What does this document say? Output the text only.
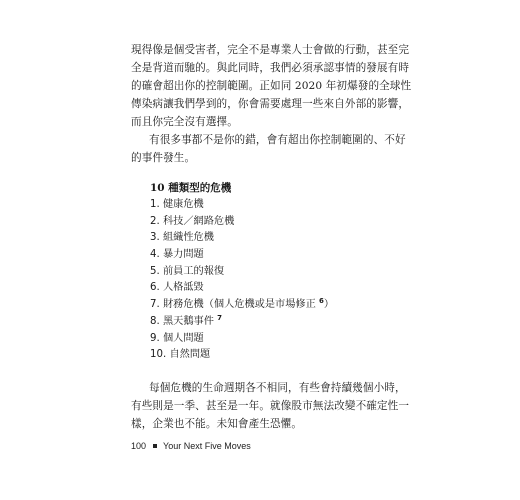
現得像是個受害者，完全不是專業人士會做的行動，甚至完
全是背道而馳的。與此同時，我們必須承認事情的發展有時
的確會超出你的控制範圍。正如同 2020 年初爆發的全球性
傳染病讓我們學到的，你會需要處理一些來自外部的影響，
而且你完全沒有選擇。

有很多事都不是你的錯，會有超出你控制範圍的、不好
的事件發生。

10 種類型的危機
1. 健康危機
2. 科技／網路危機
3. 組織性危機
4. 暴力問題
5. 前員工的報復
6. 人格詆毀
7. 財務危機（個人危機或是市場修正 $^6$）
8. 黑天鵝事件 $^7$
9. 個人問題
10. 自然問題

每個危機的生命週期各不相同，有些會持續幾個小時，
有些則是一季、甚至是一年。就像股市無法改變不確定性一
樣，企業也不能。未知會產生恐懼。

100 Your Next Five Moves
